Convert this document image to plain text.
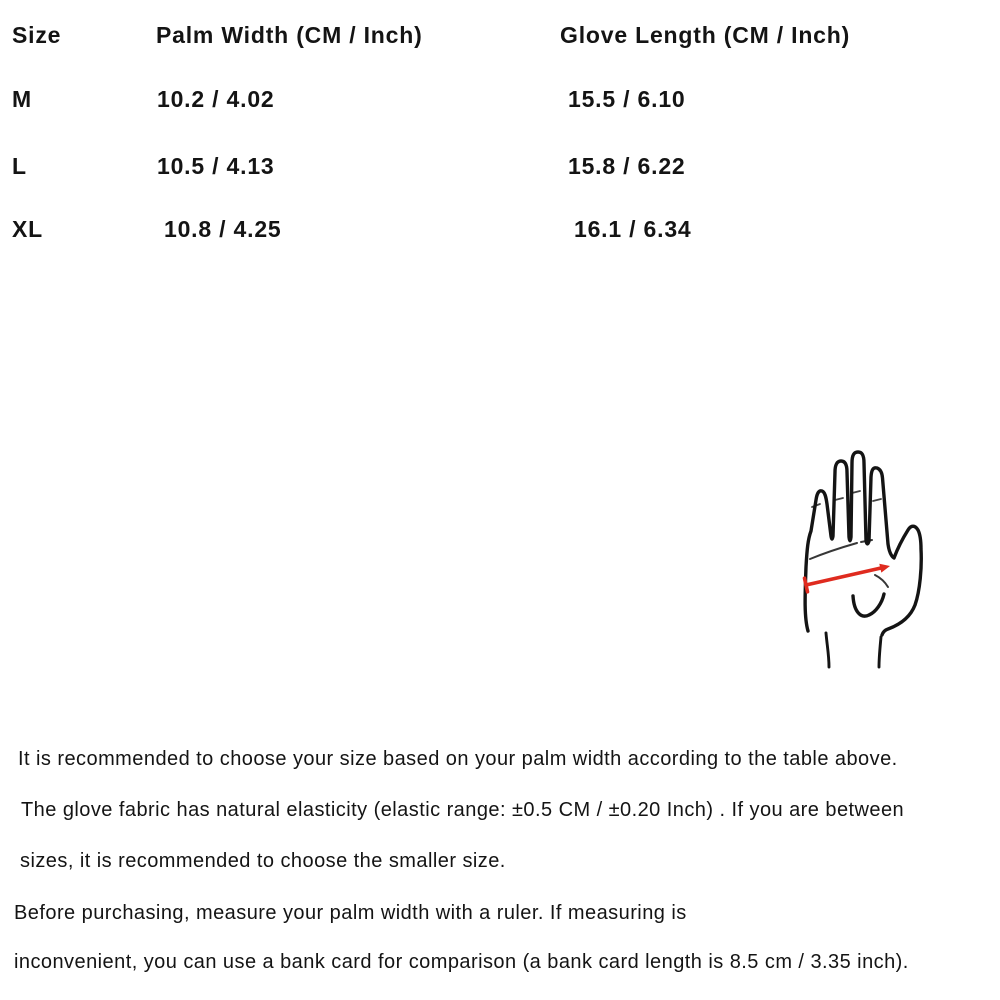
Size	Palm Width (CM / Inch)	Glove Length (CM / Inch)
M	10.2 / 4.02	15.5 / 6.10
L	10.5 / 4.13	15.8 / 6.22
XL	10.8 / 4.25	16.1 / 6.34
It is recommended to choose your size based on your palm width according to the table above.
The glove fabric has natural elasticity (elastic range: ±0.5 CM / ±0.20 Inch) . If you are between
sizes, it is recommended to choose the smaller size.
Before purchasing, measure your palm width with a ruler. If measuring is
inconvenient, you can use a bank card for comparison (a bank card length is 8.5 cm / 3.35 inch).
